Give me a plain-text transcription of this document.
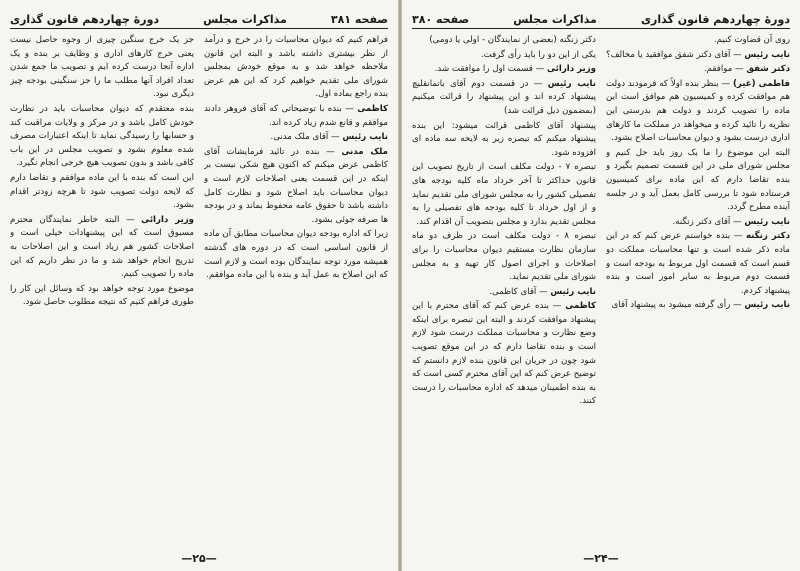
صفحه ۳۸۱
مذاکرات مجلس
دورهٔ چهاردهم قانون گذاری

فراهم کنیم که دیوان محاسبات را در خرج و درآمد از نظر بیشتری داشته باشد و البته این قانون ملاحظه خواهد شد و به موقع خودش بمجلس شورای ملی تقدیم خواهیم کرد که این هم عرض بنده راجع بماده اول.

کاظمی — بنده با توضیحاتی که آقای فروهر دادند موافقم و قانع شدم زیاد کرده اند.

نایب رئیس — آقای ملک مدنی.

ملک مدنی — بنده در تائید فرمایشات آقای کاظمی عرض میکنم که اکنون هیچ شکی نیست بر اینکه در این قسمت یعنی اصلاحات لازم است و دیوان محاسبات باید اصلاح شود و نظارت کامل داشته باشد تا حقوق عامه محفوظ بماند و در بودجه ها صرفه جوئی بشود.

زیرا که اداره بودجه دیوان محاسبات مطابق آن ماده از قانون اساسی است که در دوره های گذشته همیشه مورد توجه نمایندگان بوده است و لازم است که این اصلاح به عمل آید و بنده با این ماده موافقم.

جز یک خرج سنگین چیزی از وجوه حاصل نیست یعنی خرج کارهای اداری و وظایف بر بنده و یک اداره آنجا درست کرده ایم و تصویب ما جمع شدن تعداد افراد آنها مطلب ما را جز سنگینی بودجه چیز دیگری نبود.

بنده معتقدم که دیوان محاسبات باید در نظارت خودش کامل باشد و در مرکز و ولایات مراقبت کند و حسابها را رسیدگی نماید تا اینکه اعتبارات مصرف شده معلوم بشود و تصویب مجلس در این باب کافی باشد و بدون تصویب هیچ خرجی انجام نگیرد.

این است که بنده با این ماده موافقم و تقاضا دارم که لایحه دولت تصویب شود تا هرچه زودتر اقدام بشود.

وزیر دارائی — البته خاطر نمایندگان محترم مسبوق است که این پیشنهادات خیلی است و اصلاحات کشور هم زیاد است و این اصلاحات به تدریج انجام خواهد شد و ما در نظر داریم که این ماده را تصویب کنیم.

موضوع مورد توجه خواهد بود که وسائل این کار را طوری فراهم کنیم که نتیجه مطلوب حاصل شود.

—۲۵—
دورهٔ چهاردهم قانون گذاری
مذاکرات مجلس
صفحه ۳۸۰

روی آن قضاوت کنیم.

نایب رئیس — آقای دکتر شفق موافقید یا مخالف؟

دکتر شفق — موافقم.

فاطمی (غیر) — بنظر بنده اولاً که فرمودند دولت هم موافقت کرده و کمیسیون هم موافق است این ماده را تصویب کردند و دولت هم بدرستی این نظریه را تائید کرده و میخواهد در مملکت ما کارهای اداری درست بشود و دیوان محاسبات اصلاح بشود.

البته این موضوع را ما یک روز باید حل کنیم و مجلس شورای ملی در این قسمت تصمیم بگیرد و بنده تقاضا دارم که این ماده برای کمیسیون فرستاده شود تا بررسی کامل بعمل آید و در جلسه آینده مطرح گردد.

نایب رئیس — آقای دکتر زنگنه.

دکتر زنگنه — بنده خواستم عرض کنم که در این ماده ذکر شده است و تنها محاسبات مملکت دو قسم است که قسمت اول مربوط به بودجه است و قسمت دوم مربوط به سایر امور است و بنده پیشنهاد کردم.

نایب رئیس — رأی گرفته میشود به پیشنهاد آقای

دکتر زنگنه (بعضی از نمایندگان - اولی یا دومی)

یکی از این دو را باید رأی گرفت.

وزیر دارائی — قسمت اول را موافقت شد.

نایب رئیس — در قسمت دوم آقای باتمانقلیچ پیشنهاد کرده اند و این پیشنهاد را قرائت میکنیم (بمضمون ذیل قرائت شد)

پیشنهاد آقای کاظمی قرائت میشود: این بنده پیشنهاد میکنم که تبصره زیر به لایحه سه ماده ای افزوده شود.

تبصره ۷ - دولت مکلف است از تاریخ تصویب این قانون حداکثر تا آخر خرداد ماه کلیه بودجه های تفصیلی کشور را به مجلس شورای ملی تقدیم نماید و از اول خرداد تا کلیه بودجه های تفصیلی را به مجلس تقدیم بدارد و مجلس بتصویب آن اقدام کند.

تبصره ۸ - دولت مکلف است در ظرف دو ماه سازمان نظارت مستقیم دیوان محاسبات را برای اصلاحات و اجرای اصول کار تهیه و به مجلس شورای ملی تقدیم نماید.

نایب رئیس — آقای کاظمی.

کاظمی — بنده عرض کنم که آقای محترم با این پیشنهاد موافقت کردند و البته این تبصره برای اینکه وضع نظارت و محاسبات مملکت درست شود لازم است و بنده تقاضا دارم که در این موقع تصویب شود چون در جریان این قانون بنده لازم دانستم که توضیح عرض کنم که این آقای محترم کسی است که به بنده اطمینان میدهد که اداره محاسبات را درست کنند.

—۲۴—
